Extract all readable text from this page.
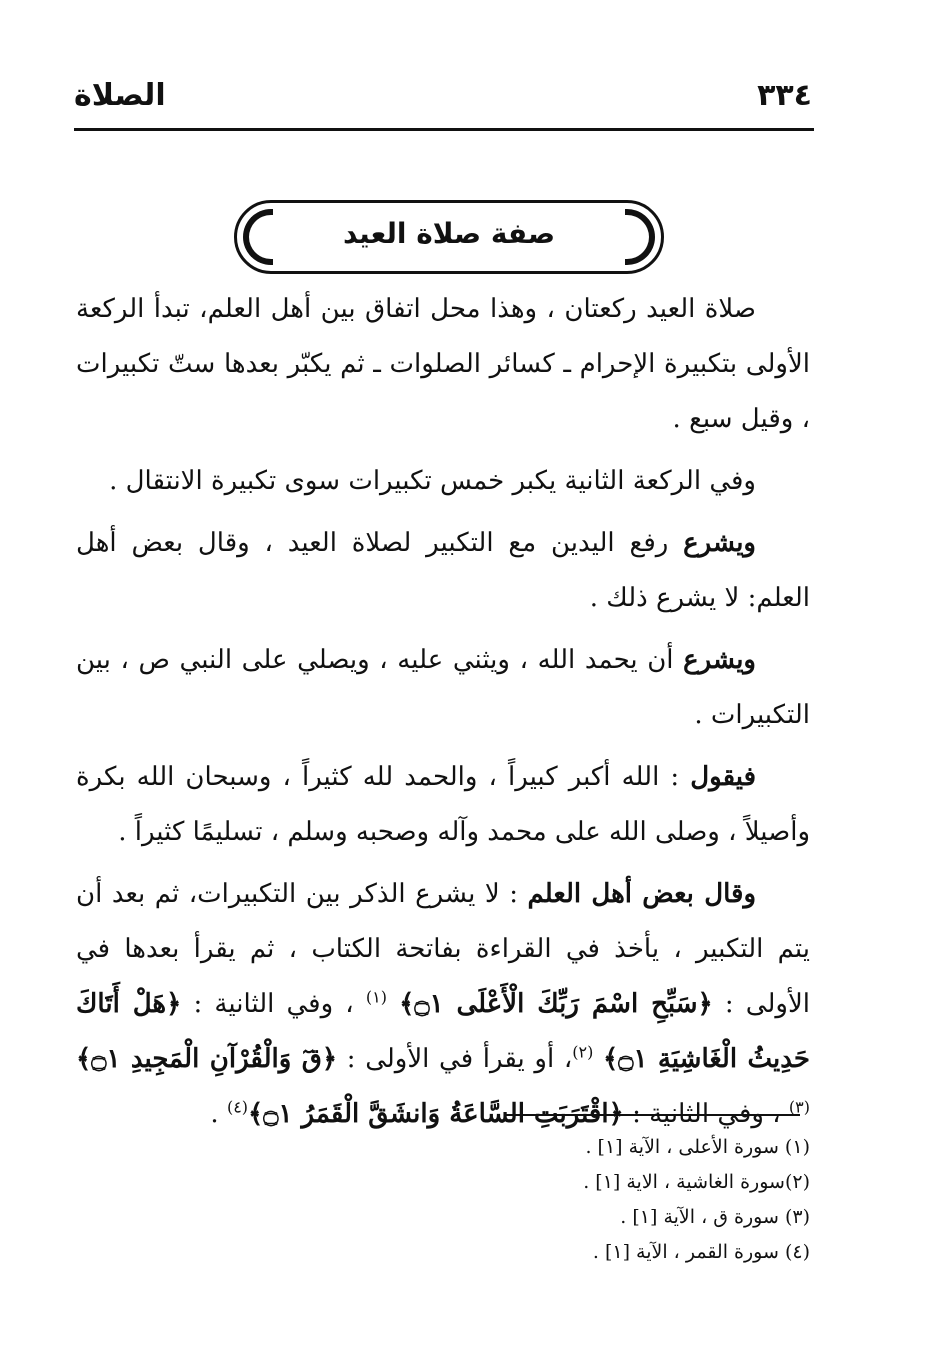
٣٣٤
الصلاة
صفة صلاة العيد

صلاة العيد ركعتان ، وهذا محل اتفاق بين أهل العلم، تبدأ الركعة الأولى بتكبيرة الإحرام ـ كسائر الصلوات ـ ثم يكبّر بعدها ستّ تكبيرات ، وقيل سبع .

وفي الركعة الثانية يكبر خمس تكبيرات سوى تكبيرة الانتقال .

ويشرع رفع اليدين مع التكبير لصلاة العيد ، وقال بعض أهل العلم: لا يشرع ذلك .

ويشرع أن يحمد الله ، ويثني عليه ، ويصلي على النبي ص ، بين التكبيرات .

فيقول : الله أكبر كبيراً ، والحمد لله كثيراً ، وسبحان الله بكرة وأصيلاً ، وصلى الله على محمد وآله وصحبه وسلم ، تسليمًا كثيراً .

وقال بعض أهل العلم : لا يشرع الذكر بين التكبيرات، ثم بعد أن يتم التكبير ، يأخذ في القراءة بفاتحة الكتاب ، ثم يقرأ بعدها في الأولى : ﴿سَبِّحِ اسْمَ رَبِّكَ الْأَعْلَى ۝١﴾ $^{(١)}$ ، وفي الثانية : ﴿هَلْ أَتَاكَ حَدِيثُ الْغَاشِيَةِ ۝١﴾ $^{(٢)}$، أو يقرأ في الأولى : ﴿قٓ وَالْقُرْآنِ الْمَجِيدِ ۝١﴾ $^{(٣)}$ ، وفي الثانية : ﴿اقْتَرَبَتِ السَّاعَةُ وَانشَقَّ الْقَمَرُ ۝١﴾$^{(٤)}$ .

(١) سورة الأعلى ، الآية [١] .
(٢)سورة الغاشية ، الاية [١] .
(٣) سورة ق ، الآية [١] .
(٤) سورة القمر ، الآية [١] .
